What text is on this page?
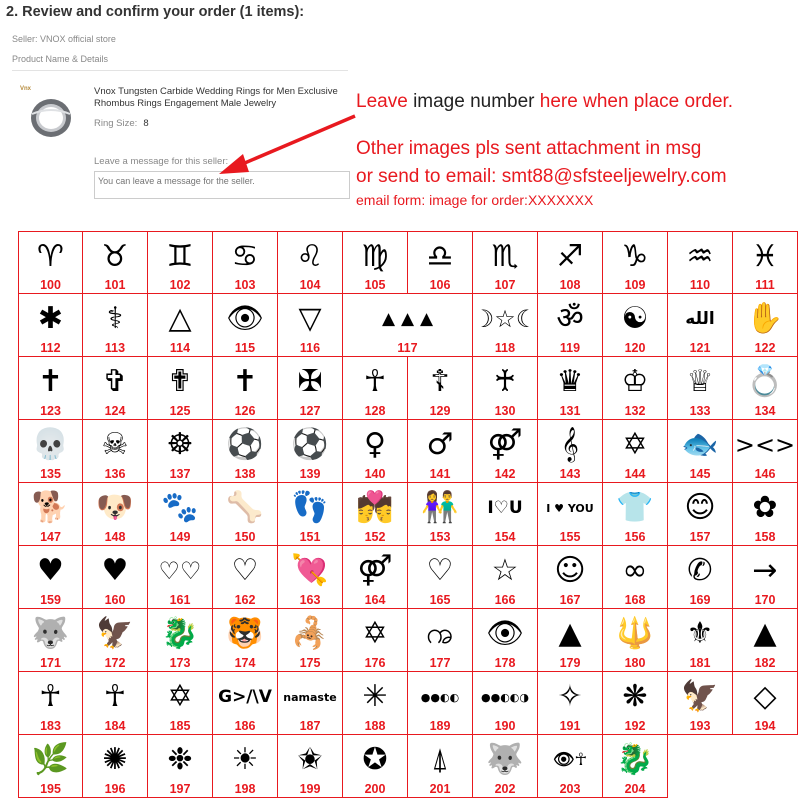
2. Review and confirm your order (1 items):
Seller: VNOX official store
Product Name & Details
Vnx	Vnox Tungsten Carbide Wedding Rings for Men Exclusive Rhombus Rings Engagement Male Jewelry
Ring Size: 8
Leave a message for this seller:
You can leave a message for the seller.
Leave image number here when place order.
Other images pls sent attachment in msg
or send to email: smt88@sfsteeljewelry.com
email form: image for order:XXXXXXX
♈
100
♉
101
♊
102
♋
103
♌
104
♍
105
♎
106
♏
107
♐
108
♑
109
♒
110
♓
111
✱
112
⚕
113
△
114
👁
115
▽
116
▲ ▲ ▲
117
☽☆☾
118
ॐ
119
☯
120
الله
121
✋
122
✝
123
✞
124
✟
125
✝
126
✠
127
☥
128
☦
129
♰
130
♛
131
♔
132
♕
133
💍
134
💀
135
☠
136
☸
137
⚽
138
⚽
139
♀
140
♂
141
⚤
142
𝄞
143
✡
144
🐟
145
><>
146
🐕
147
🐶
148
🐾
149
🦴
150
👣
151
💏
152
👫
153
I♡U
154
I ♥ YOU
155
👕
156
😊
157
✿
158
♥
159
♥
160
♡♡
161
♡
162
💘
163
⚤
164
♡
165
☆
166
☺
167
∞
168
✆
169
→
170
🐺
171
🦅
172
🐉
173
🐯
174
🦂
175
✡
176
ꩠ
177
👁
178
▲
179
🔱
180
⚜
181
▲
182
☥
183
☥
184
✡
185
G>/\V
186
namaste
187
✳
188
●●◐◐
189
●●◐◐◑
190
✧
191
❋
192
🦅
193
◇
194
🌿
195
✺
196
❉
197
☀
198
✬
199
✪
200
⍋
201
🐺
202
👁☥
203
🐉
204
